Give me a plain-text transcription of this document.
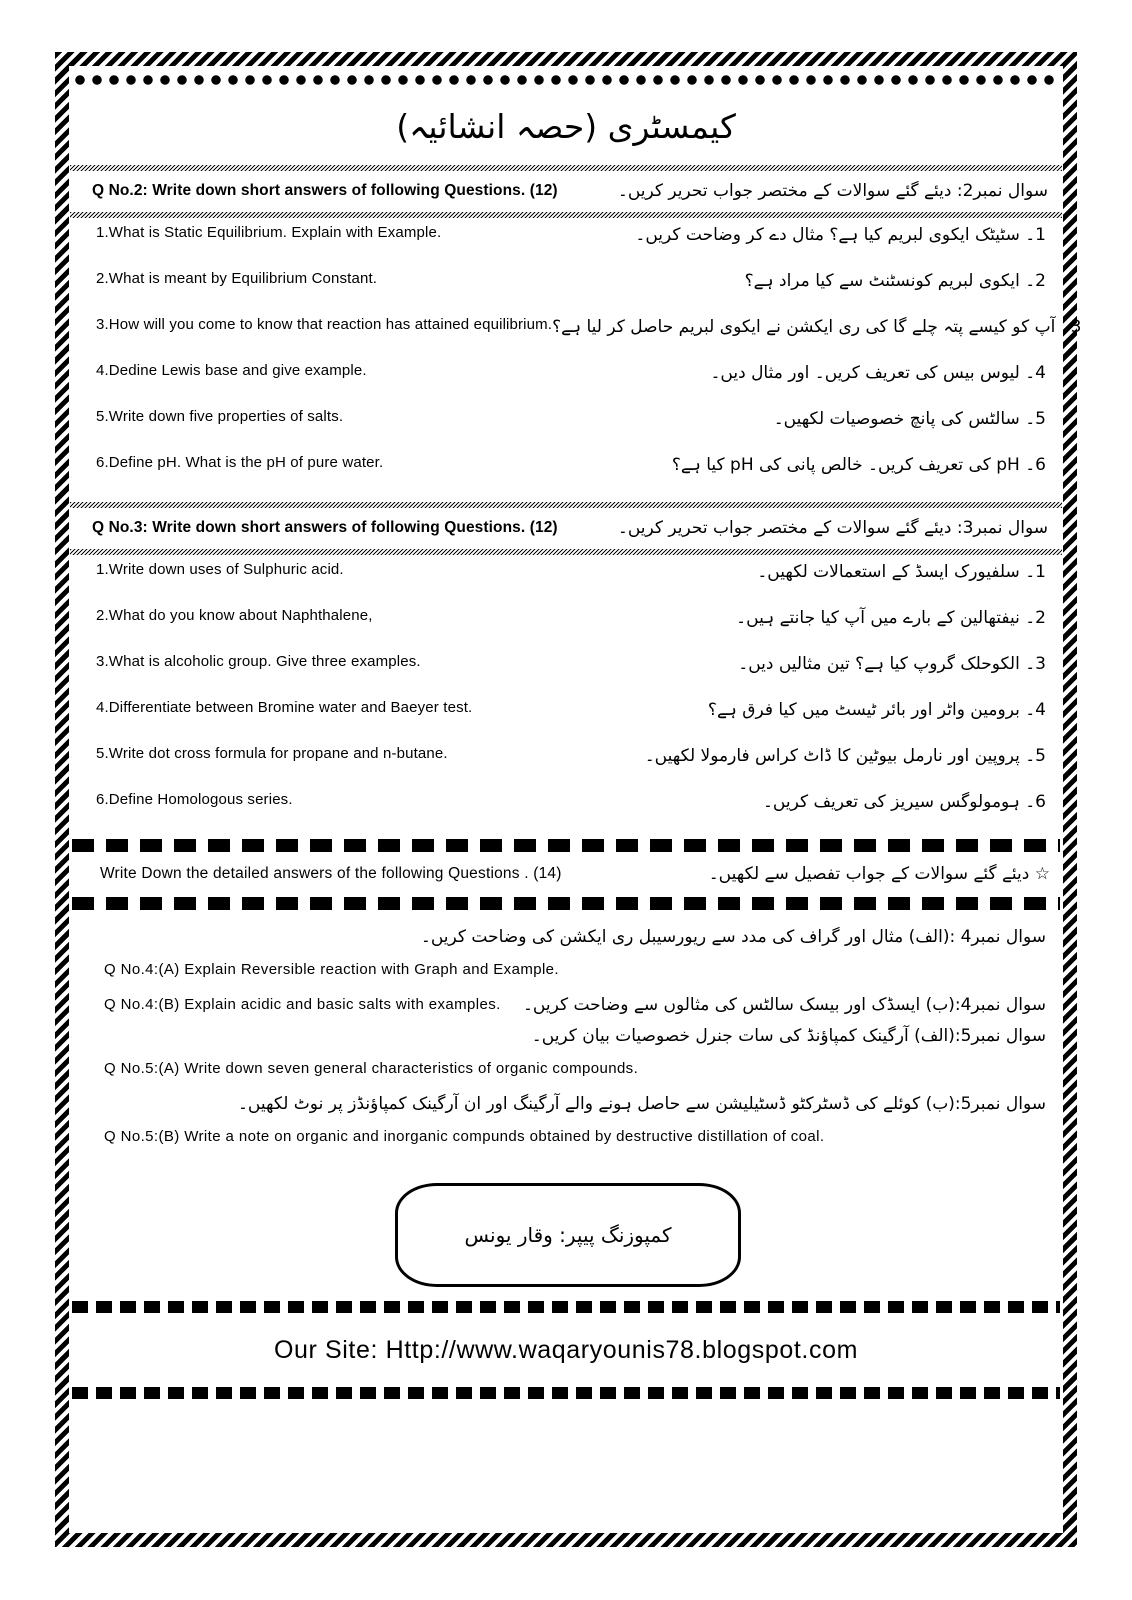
کیمسٹری (حصہ انشائیہ)
Q No.2: Write down short answers of following Questions. (12)	سوال نمبر2: دیئے گئے سوالات کے مختصر جواب تحریر کریں۔
1.What is Static Equilibrium. Explain with Example.	1۔ سٹیٹک ایکوی لبریم کیا ہے؟ مثال دے کر وضاحت کریں۔
2.What is meant by Equilibrium Constant.	2۔ ایکوی لبریم کونسٹنٹ سے کیا مراد ہے؟
3.How will you come to know that reaction has attained equilibrium. 3۔ آپ کو کیسے پتہ چلے گا کی ری ایکشن نے ایکوی لبریم حاصل کر لیا ہے؟
4.Dedine Lewis base and give example.	4۔ لیوس بیس کی تعریف کریں۔ اور مثال دیں۔
5.Write down five properties of salts.	5۔ سالٹس کی پانچ خصوصیات لکھیں۔
6.Define pH. What is the pH of pure water.	6۔ pH کی تعریف کریں۔ خالص پانی کی pH کیا ہے؟
Q No.3: Write down short answers of following Questions. (12)	سوال نمبر3: دیئے گئے سوالات کے مختصر جواب تحریر کریں۔
1.Write down uses of Sulphuric acid.	1۔ سلفیورک ایسڈ کے استعمالات لکھیں۔
2.What do you know about Naphthalene,	2۔ نیفتھالین کے بارے میں آپ کیا جانتے ہیں۔
3.What is alcoholic group. Give three examples.	3۔ الکوحلک گروپ کیا ہے؟ تین مثالیں دیں۔
4.Differentiate between Bromine water and Baeyer test.	4۔ برومین واٹر اور بائر ٹیسٹ میں کیا فرق ہے؟
5.Write dot cross formula for propane and n-butane.	5۔ پروپین اور نارمل بیوٹین کا ڈاٹ کراس فارمولا لکھیں۔
6.Define Homologous series.	6۔ ہومولوگس سیریز کی تعریف کریں۔
Write Down the detailed answers of the following Questions . (14)	☆ دیئے گئے سوالات کے جواب تفصیل سے لکھیں۔
سوال نمبر4 :(الف) مثال اور گراف کی مدد سے ریورسیبل ری ایکشن کی وضاحت کریں۔
Q No.4:(A) Explain Reversible reaction with Graph and Example.
Q No.4:(B) Explain acidic and basic salts with examples. سوال نمبر4:(ب) ایسڈک اور بیسک سالٹس کی مثالوں سے وضاحت کریں۔
سوال نمبر5:(الف) آرگینک کمپاؤنڈ کی سات جنرل خصوصیات بیان کریں۔
Q No.5:(A) Write down seven general characteristics of organic compounds.
سوال نمبر5:(ب) کوئلے کی ڈسٹرکٹو ڈسٹیلیشن سے حاصل ہونے والے آرگینگ اور ان آرگینک کمپاؤنڈز پر نوٹ لکھیں۔
Q No.5:(B) Write a note on organic and inorganic compunds obtained by destructive distillation of coal.
کمپوزنگ پیپر: وقار یونس
Our Site: Http://www.waqaryounis78.blogspot.com
